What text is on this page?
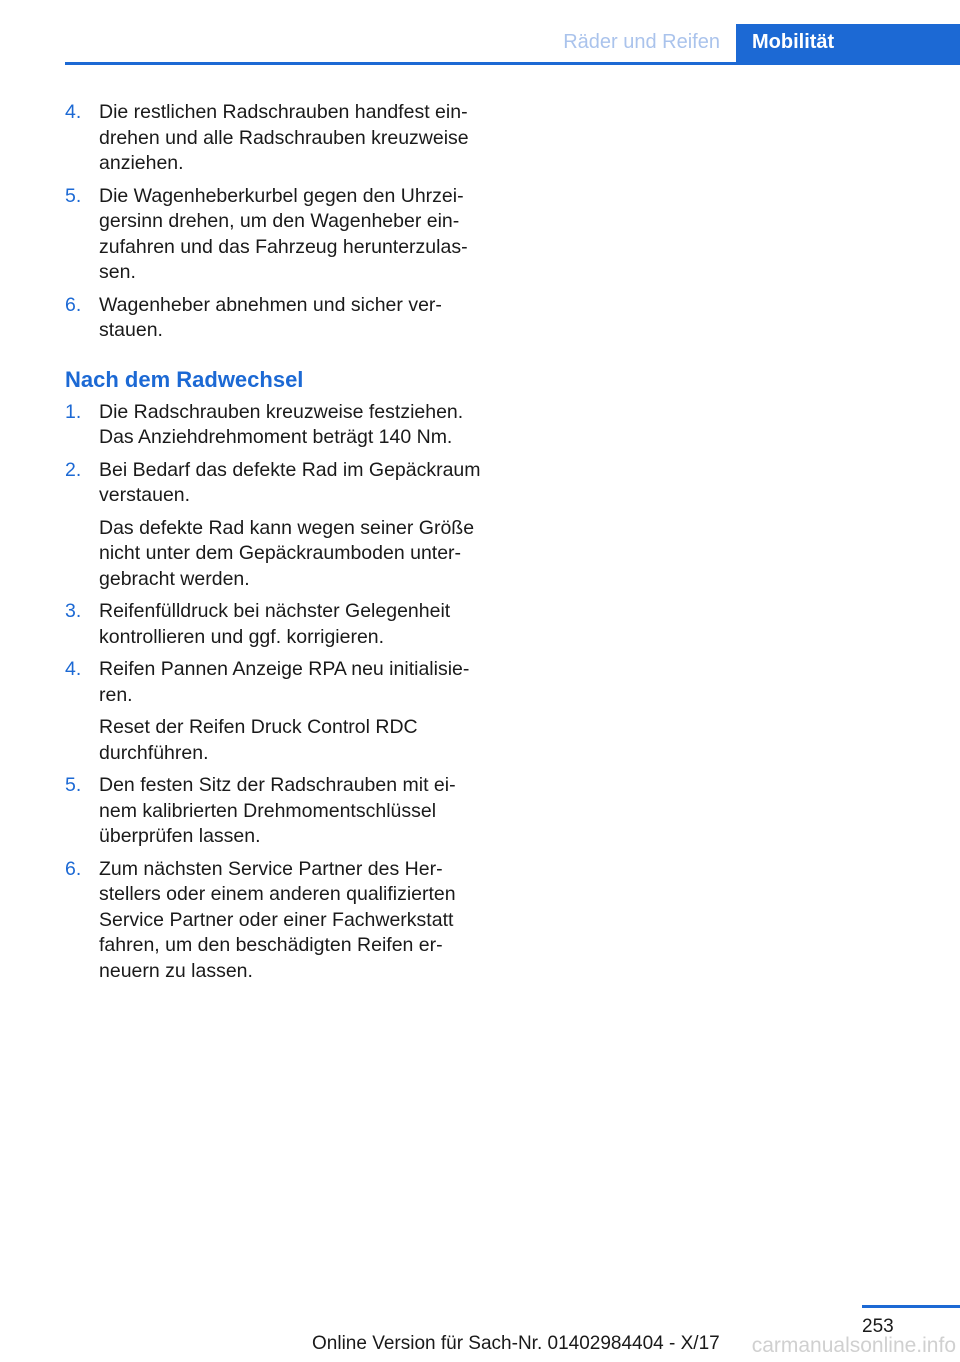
Räder und Reifen	Mobilität
4. Die restlichen Radschrauben handfest eindrehen und alle Radschrauben kreuzweise anziehen.
5. Die Wagenheberkurbel gegen den Uhrzeigersinn drehen, um den Wagenheber einzufahren und das Fahrzeug herunterzulassen.
6. Wagenheber abnehmen und sicher verstauen.
Nach dem Radwechsel
1. Die Radschrauben kreuzweise festziehen. Das Anziehdrehmoment beträgt 140 Nm.
2. Bei Bedarf das defekte Rad im Gepäckraum verstauen.
Das defekte Rad kann wegen seiner Größe nicht unter dem Gepäckraumboden untergebracht werden.
3. Reifenfülldruck bei nächster Gelegenheit kontrollieren und ggf. korrigieren.
4. Reifen Pannen Anzeige RPA neu initialisieren.
Reset der Reifen Druck Control RDC durchführen.
5. Den festen Sitz der Radschrauben mit einem kalibrierten Drehmomentschlüssel überprüfen lassen.
6. Zum nächsten Service Partner des Herstellers oder einem anderen qualifizierten Service Partner oder einer Fachwerkstatt fahren, um den beschädigten Reifen erneuern zu lassen.
253
Online Version für Sach-Nr. 01402984404 - X/17 carmanualsonline.info
